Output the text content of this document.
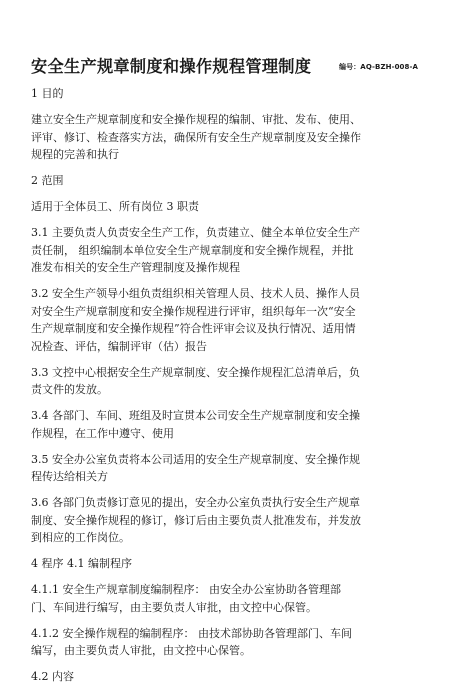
安全生产规章制度和操作规程管理制度	编号：AQ-BZH-008-A
1 目的
建立安全生产规章制度和安全操作规程的编制、审批、发布、使用、
评审、修订、检查落实方法，确保所有安全生产规章制度及安全操作
规程的完善和执行
2 范围
适用于全体员工、所有岗位 3 职责
3.1 主要负责人负责安全生产工作，负责建立、健全本单位安全生产
责任制， 组织编制本单位安全生产规章制度和安全操作规程，并批
准发布相关的安全生产管理制度及操作规程
3.2 安全生产领导小组负责组织相关管理人员、技术人员、操作人员
对安全生产规章制度和安全操作规程进行评审，组织每年一次“安全
生产规章制度和安全操作规程”符合性评审会议及执行情况、适用情
况检查、评估，编制评审（估）报告
3.3 文控中心根据安全生产规章制度、安全操作规程汇总清单后，负
责文件的发放。
3.4 各部门、车间、班组及时宣贯本公司安全生产规章制度和安全操
作规程，在工作中遵守、使用
3.5 安全办公室负责将本公司适用的安全生产规章制度、安全操作规
程传达给相关方
3.6 各部门负责修订意见的提出，安全办公室负责执行安全生产规章
制度、安全操作规程的修订，修订后由主要负责人批准发布，并发放
到相应的工作岗位。
4 程序 4.1 编制程序
4.1.1 安全生产规章制度编制程序： 由安全办公室协助各管理部
门、车间进行编写，由主要负责人审批，由文控中心保管。
4.1.2 安全操作规程的编制程序： 由技术部协助各管理部门、车间
编写，由主要负责人审批，由文控中心保管。
4.2 内容
